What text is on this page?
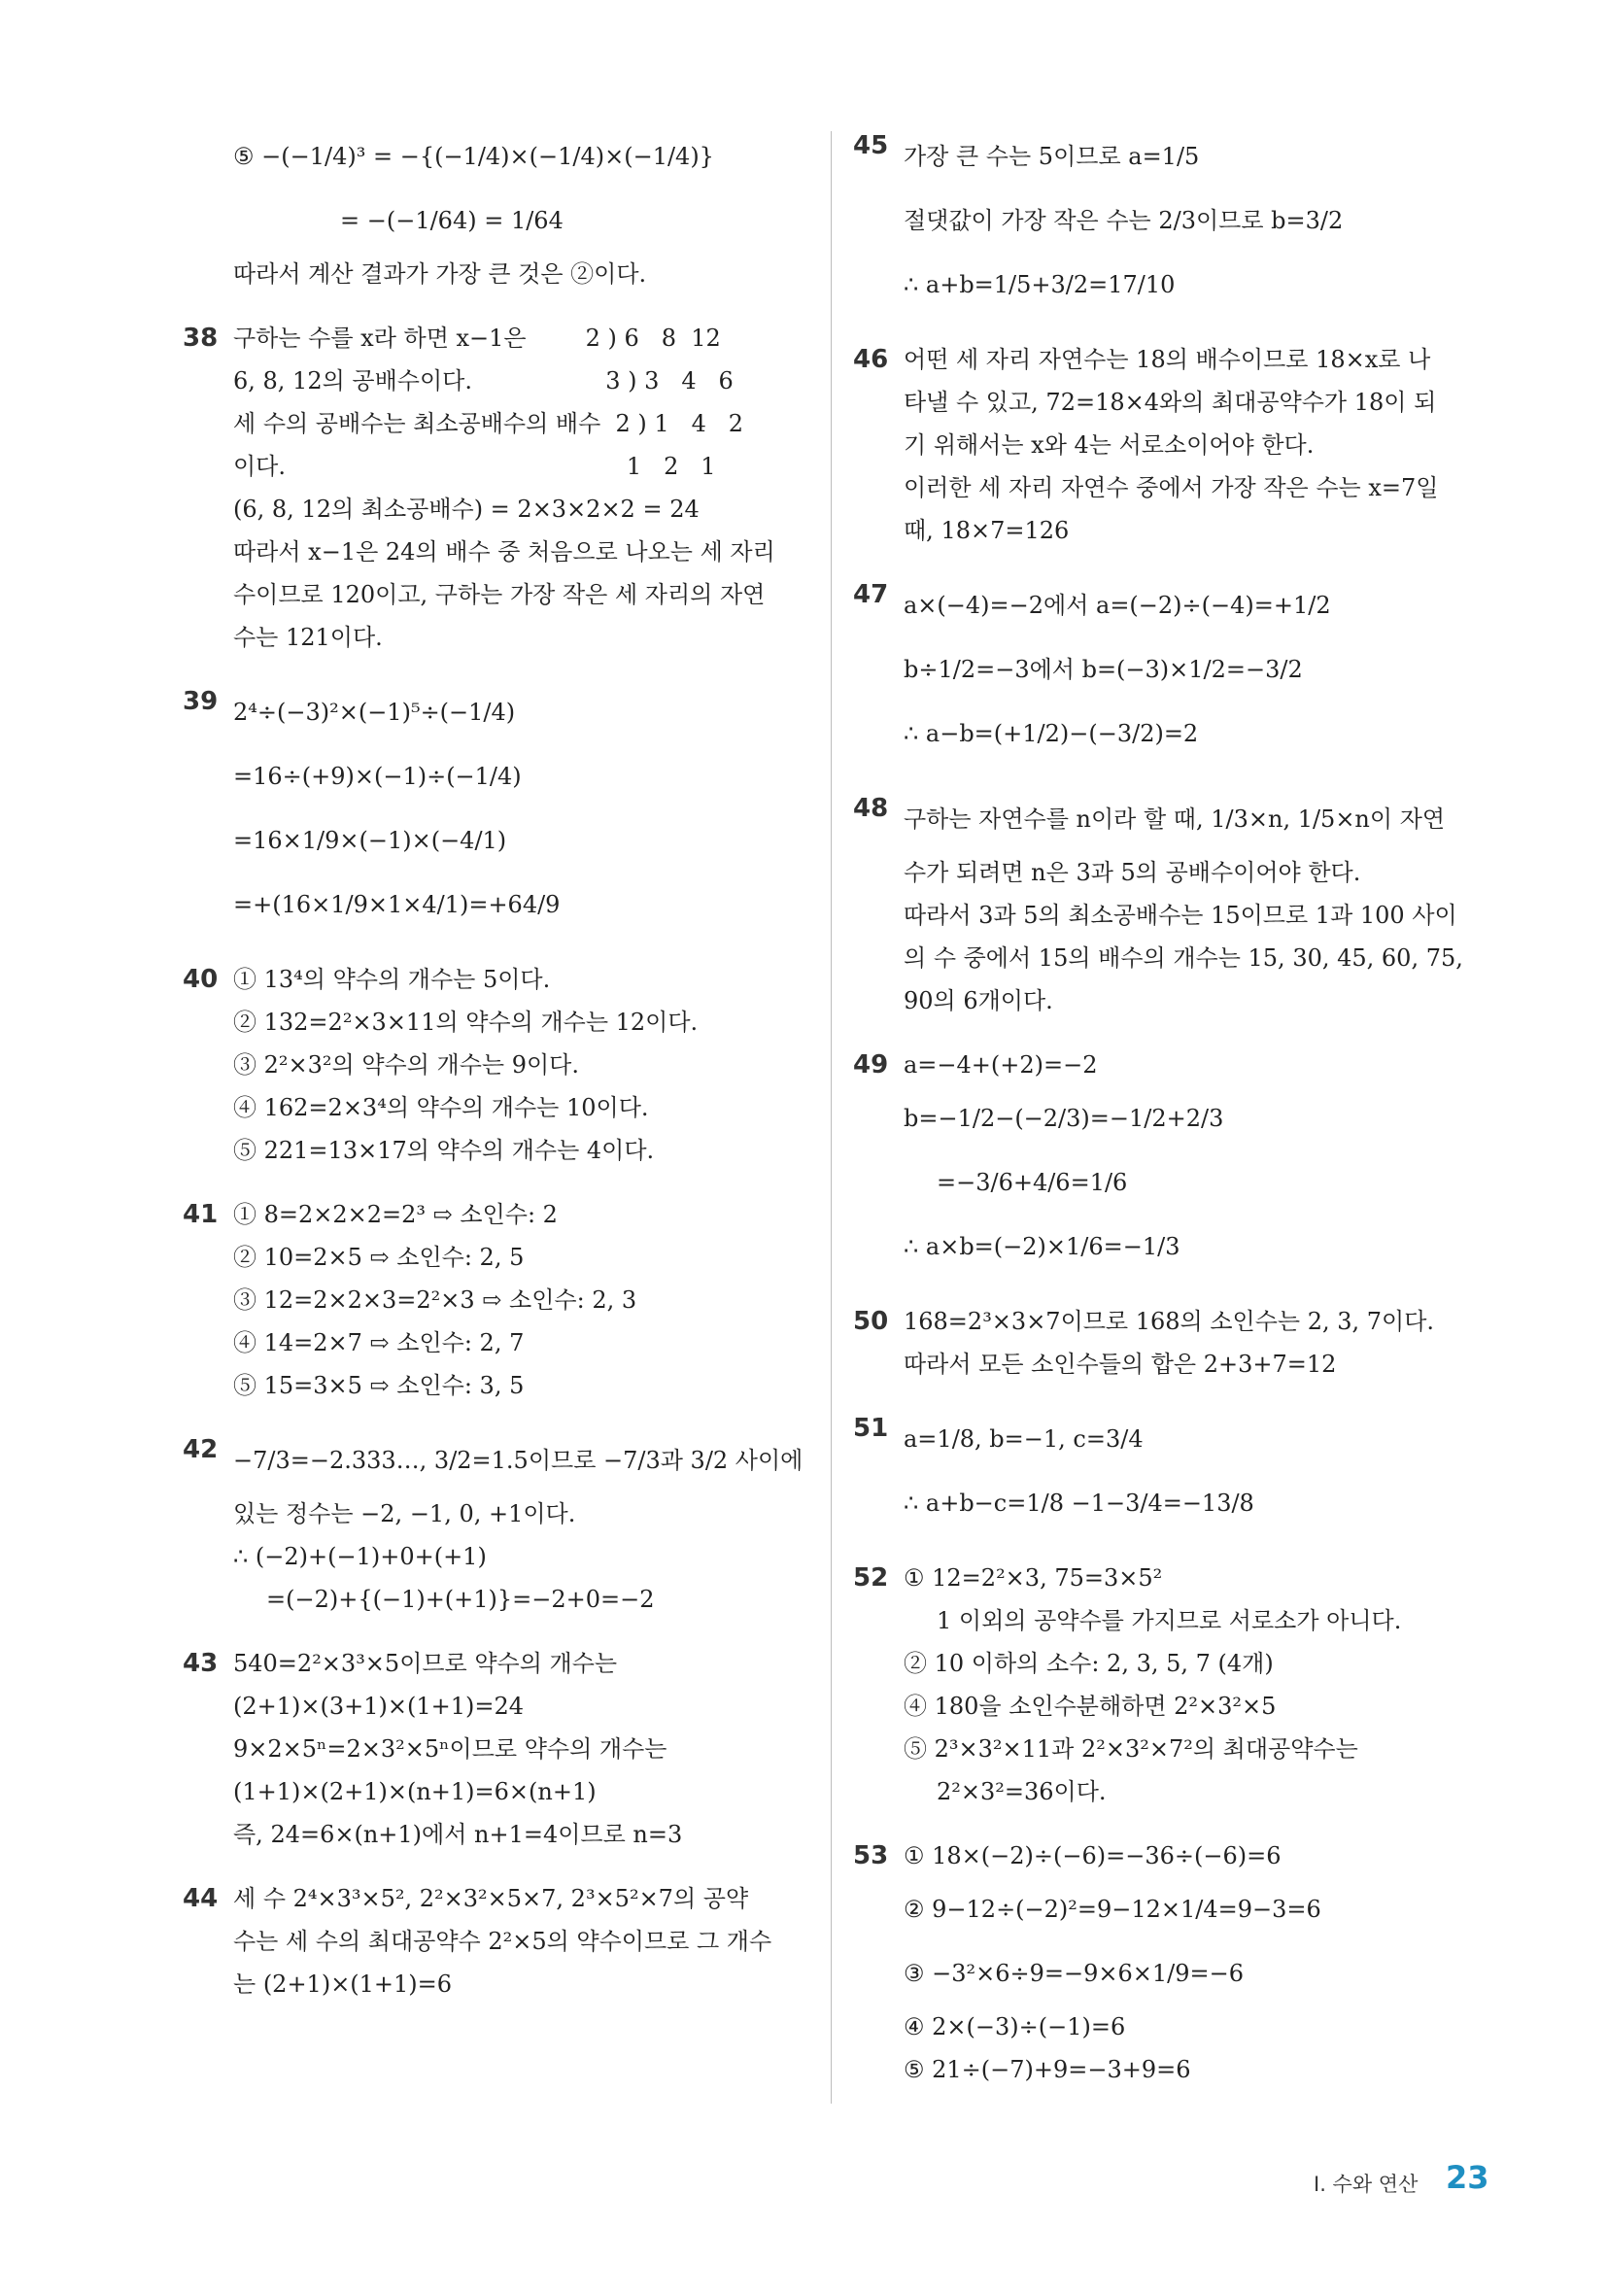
⑤ −(−1/4)³ = −{(−1/4)×(−1/4)×(−1/4)}
= −(−1/64) = 1/64
따라서 계산 결과가 가장 큰 것은 ②이다.
38 구하는 수를 x라 하면 x−1은        2 ) 6   8  12
6, 8, 12의 공배수이다.                  3 ) 3   4   6
세 수의 공배수는 최소공배수의 배수  2 ) 1   4   2
이다.                                              1   2   1
(6, 8, 12의 최소공배수) = 2×3×2×2 = 24
따라서 x−1은 24의 배수 중 처음으로 나오는 세 자리
수이므로 120이고, 구하는 가장 작은 세 자리의 자연
수는 121이다.
39 2⁴÷(−3)²×(−1)⁵÷(−1/4)
=16÷(+9)×(−1)÷(−1/4)
=16×1/9×(−1)×(−4/1)
=+(16×1/9×1×4/1)=+64/9
40 ① 13⁴의 약수의 개수는 5이다.
② 132=2²×3×11의 약수의 개수는 12이다.
③ 2²×3²의 약수의 개수는 9이다.
④ 162=2×3⁴의 약수의 개수는 10이다.
⑤ 221=13×17의 약수의 개수는 4이다.
41 ① 8=2×2×2=2³ ⇨ 소인수: 2
② 10=2×5 ⇨ 소인수: 2, 5
③ 12=2×2×3=2²×3 ⇨ 소인수: 2, 3
④ 14=2×7 ⇨ 소인수: 2, 7
⑤ 15=3×5 ⇨ 소인수: 3, 5
42 −7/3=−2.333…, 3/2=1.5이므로 −7/3과 3/2 사이에
있는 정수는 −2, −1, 0, +1이다.
∴ (−2)+(−1)+0+(+1)
=(−2)+{(−1)+(+1)}=−2+0=−2
43 540=2²×3³×5이므로 약수의 개수는
(2+1)×(3+1)×(1+1)=24
9×2×5ⁿ=2×3²×5ⁿ이므로 약수의 개수는
(1+1)×(2+1)×(n+1)=6×(n+1)
즉, 24=6×(n+1)에서 n+1=4이므로 n=3
44 세 수 2⁴×3³×5², 2²×3²×5×7, 2³×5²×7의 공약
수는 세 수의 최대공약수 2²×5의 약수이므로 그 개수
는 (2+1)×(1+1)=6
45 가장 큰 수는 5이므로 a=1/5
절댓값이 가장 작은 수는 2/3이므로 b=3/2
∴ a+b=1/5+3/2=17/10
46 어떤 세 자리 자연수는 18의 배수이므로 18×x로 나
타낼 수 있고, 72=18×4와의 최대공약수가 18이 되
기 위해서는 x와 4는 서로소이어야 한다.
이러한 세 자리 자연수 중에서 가장 작은 수는 x=7일
때, 18×7=126
47 a×(−4)=−2에서 a=(−2)÷(−4)=+1/2
b÷1/2=−3에서 b=(−3)×1/2=−3/2
∴ a−b=(+1/2)−(−3/2)=2
48 구하는 자연수를 n이라 할 때, 1/3×n, 1/5×n이 자연
수가 되려면 n은 3과 5의 공배수이어야 한다.
따라서 3과 5의 최소공배수는 15이므로 1과 100 사이
의 수 중에서 15의 배수의 개수는 15, 30, 45, 60, 75,
90의 6개이다.
49 a=−4+(+2)=−2
b=−1/2−(−2/3)=−1/2+2/3
=−3/6+4/6=1/6
∴ a×b=(−2)×1/6=−1/3
50 168=2³×3×7이므로 168의 소인수는 2, 3, 7이다.
따라서 모든 소인수들의 합은 2+3+7=12
51 a=1/8, b=−1, c=3/4
∴ a+b−c=1/8 −1−3/4=−13/8
52 ① 12=2²×3, 75=3×5²
1 이외의 공약수를 가지므로 서로소가 아니다.
② 10 이하의 소수: 2, 3, 5, 7 (4개)
④ 180을 소인수분해하면 2²×3²×5
⑤ 2³×3²×11과 2²×3²×7²의 최대공약수는
2²×3²=36이다.
53 ① 18×(−2)÷(−6)=−36÷(−6)=6
② 9−12÷(−2)²=9−12×1/4=9−3=6
③ −3²×6÷9=−9×6×1/9=−6
④ 2×(−3)÷(−1)=6
⑤ 21÷(−7)+9=−3+9=6
Ⅰ. 수와 연산 23
